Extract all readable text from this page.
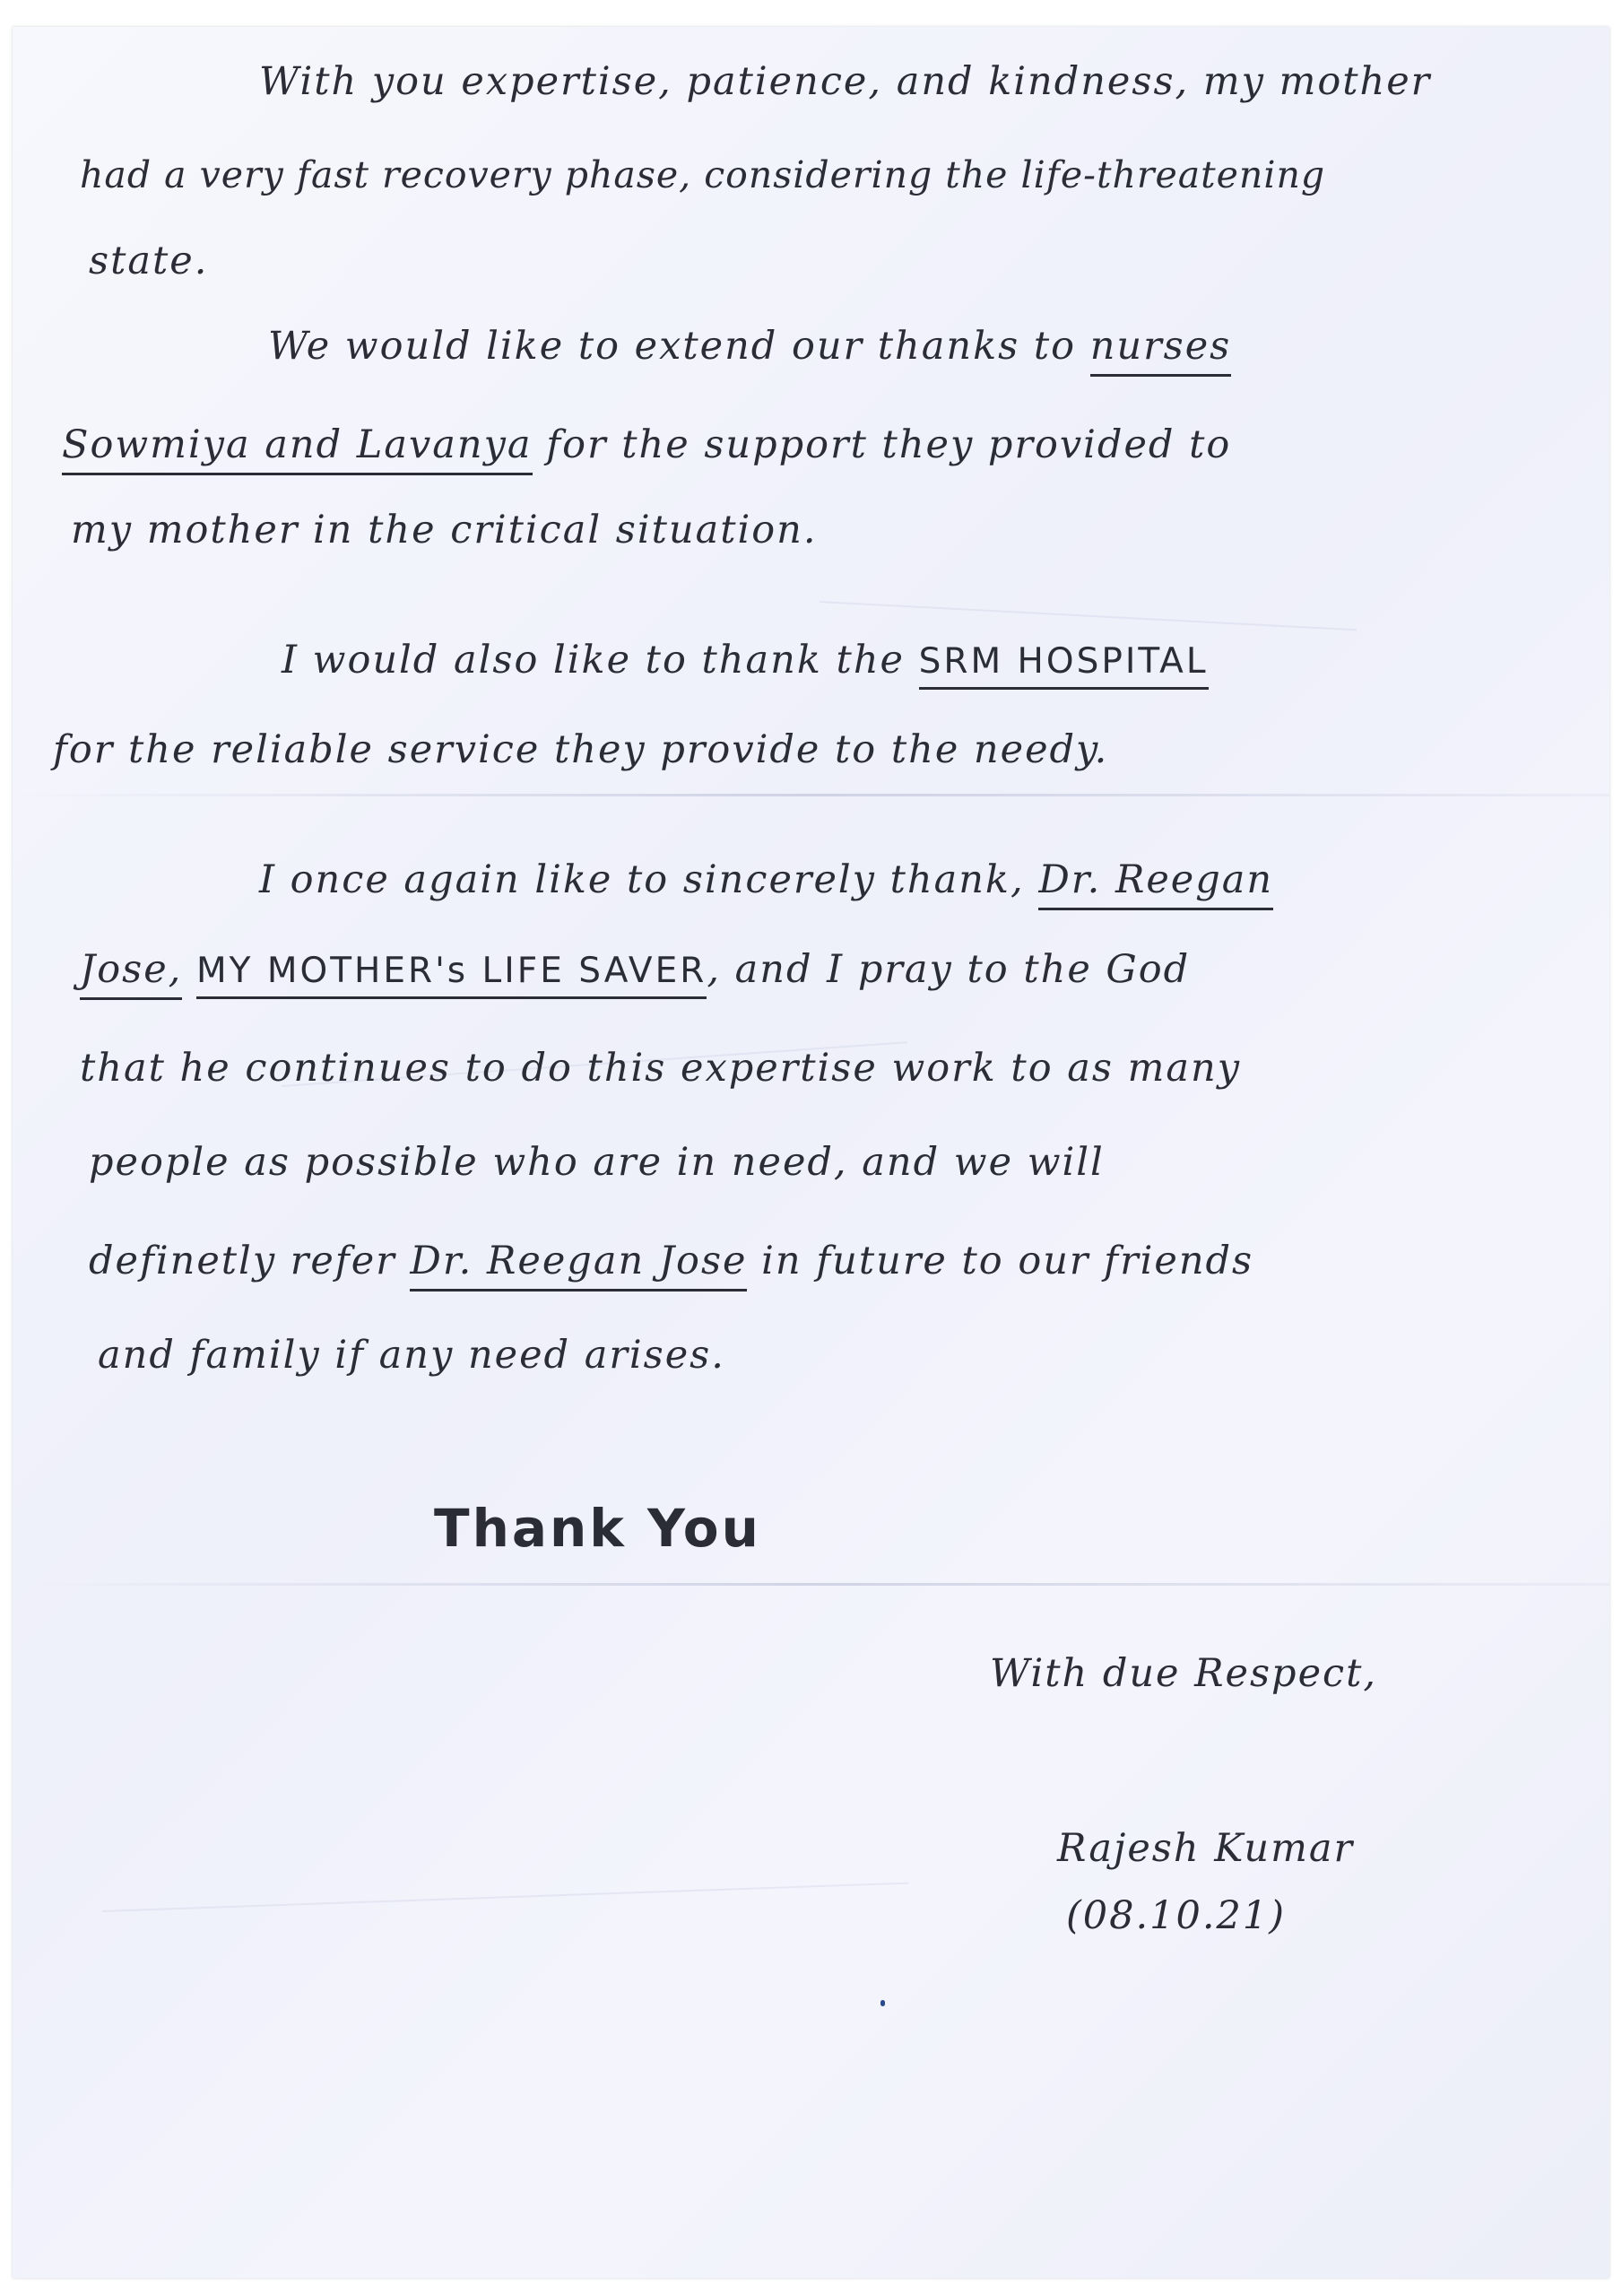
With you expertise, patience, and kindness, my mother
had a very fast recovery phase, considering the life-threatening
state.
We would like to extend our thanks to nurses
Sowmiya and Lavanya for the support they provided to
my mother in the critical situation.
I would also like to thank the SRM HOSPITAL
for the reliable service they provide to the needy.
I once again like to sincerely thank, Dr. Reegan
Jose, MY MOTHER's LIFE SAVER, and I pray to the God
that he continues to do this expertise work to as many
people as possible who are in need, and we will
definetly refer Dr. Reegan Jose in future to our friends
and family if any need arises.
Thank You
With due Respect,
Rajesh Kumar
(08.10.21)
